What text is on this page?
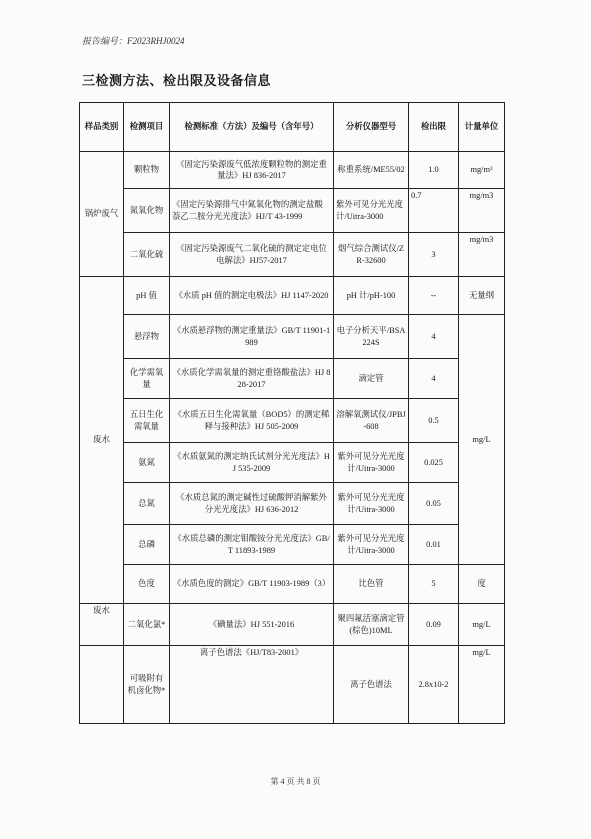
报告编号：F2023RHJ0024
三检测方法、检出限及设备信息
样品类别	检测项目	检测标准（方法）及编号（含年号）	分析仪器型号	检出限	计量单位
锅炉废气	颗粒物	《固定污染源废气低浓度颗粒物的测定重量法》HJ 836-2017	称重系统/ME55/02	1.0	mg/m³
	氮氧化物	《固定污染源排气中氮氧化物的测定盐酸萘乙二胺分光光度法》HJ/T 43-1999	紫外可见分光光度计/Uitra-3000	0.7	mg/m3
	二氧化硫	《固定污染源废气二氧化硫的测定定电位电解法》HJ57-2017	烟气综合测试仪/ZR-32600	3	mg/m3
废水	pH 值	《水质 pH 值的测定电极法》HJ 1147-2020	pH 计/pH-100	--	无量纲
	悬浮物	《水质悬浮物的测定重量法》GB/T 11901-1989	电子分析天平/BSA224S	4	mg/L
	化学需氧量	《水质化学需氧量的测定重铬酸盐法》HJ 828-2017	滴定管	4	
	五日生化需氧量	《水质五日生化需氧量（BOD5）的测定稀释与接种法》HJ 505-2009	溶解氧测试仪/JPBJ-608	0.5	
	氨氮	《水质氨氮的测定纳氏试剂分光光度法》HJ 535-2009	紫外可见分光光度计/Uitra-3000	0.025	
	总氮	《水质总氮的测定碱性过硫酸钾消解紫外分光光度法》HJ 636-2012	紫外可见分光光度计/Uitra-3000	0.05	
	总磷	《水质总磷的测定钼酸铵分光光度法》GB/T 11893-1989	紫外可见分光光度计/Uitra-3000	0.01	
	色度	《水质色度的测定》GB/T 11903-1989（3）	比色管	5	度
废水	二氧化氯*	《碘量法》HJ 551-2016	聚四氟活塞滴定管(棕色)10ML	0.09	mg/L
	可吸附有机卤化物*	离子色谱法《HJ/T83-2001》	离子色谱法	2.8x10-2	mg/L
第 4 页 共 8 页
